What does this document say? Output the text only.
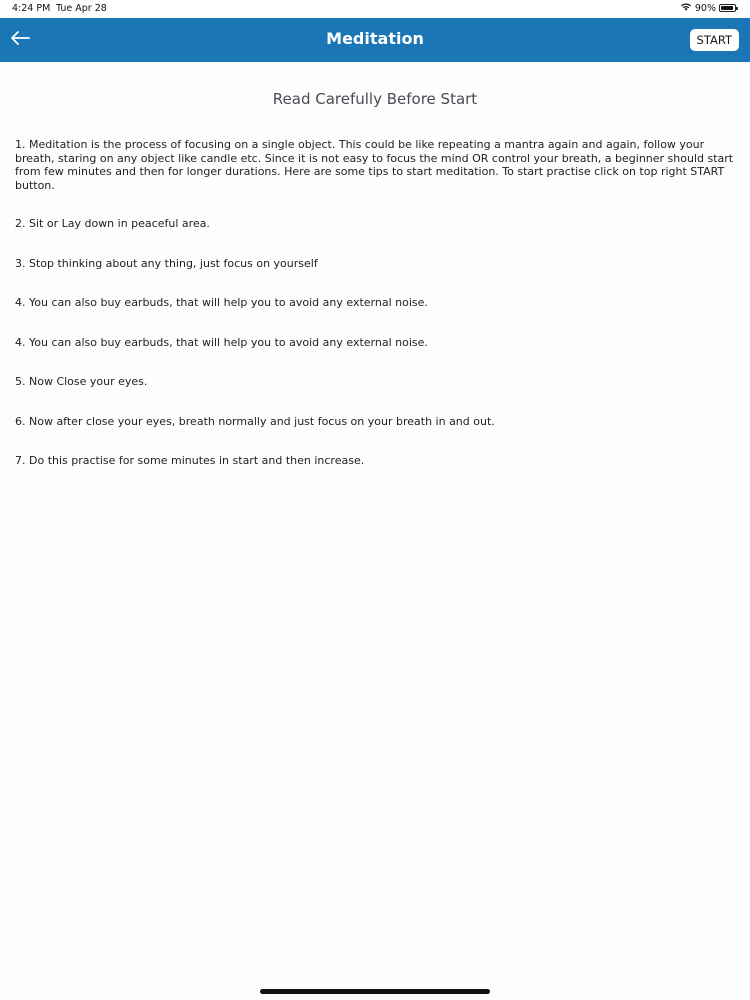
4:24 PM Tue Apr 28	90%
Meditation	START
Read Carefully Before Start

1. Meditation is the process of focusing on a single object. This could be like repeating a mantra again and again, follow your breath, staring on any object like candle etc. Since it is not easy to focus the mind OR control your breath, a beginner should start from few minutes and then for longer durations. Here are some tips to start meditation. To start practise click on top right START button.

2. Sit or Lay down in peaceful area.

3. Stop thinking about any thing, just focus on yourself

4. You can also buy earbuds, that will help you to avoid any external noise.

4. You can also buy earbuds, that will help you to avoid any external noise.

5. Now Close your eyes.

6. Now after close your eyes, breath normally and just focus on your breath in and out.

7. Do this practise for some minutes in start and then increase.
